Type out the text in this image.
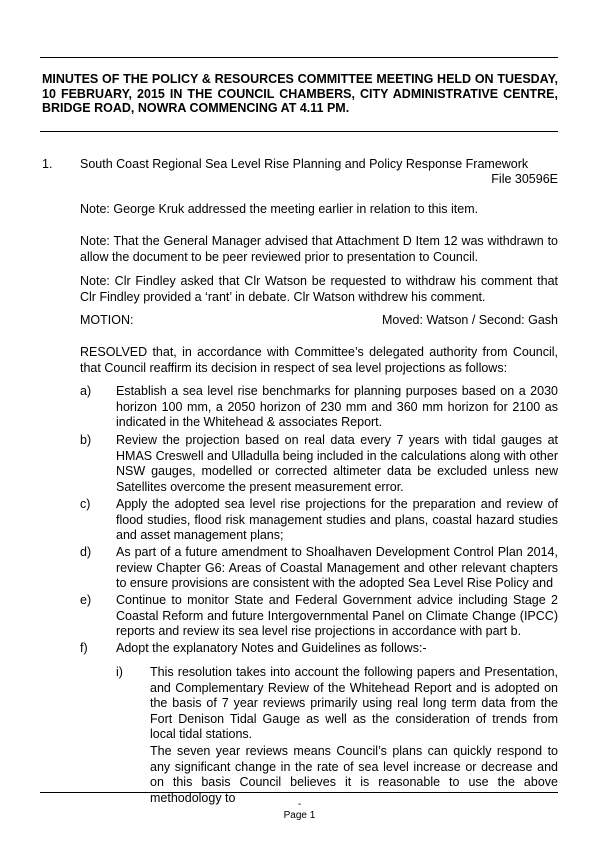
MINUTES OF THE POLICY & RESOURCES COMMITTEE MEETING HELD ON TUESDAY, 10 FEBRUARY, 2015 IN THE COUNCIL CHAMBERS, CITY ADMINISTRATIVE CENTRE, BRIDGE ROAD, NOWRA COMMENCING AT 4.11 PM.
1. South Coast Regional Sea Level Rise Planning and Policy Response Framework
File 30596E
Note: George Kruk addressed the meeting earlier in relation to this item.
Note: That the General Manager advised that Attachment D Item 12 was withdrawn to allow the document to be peer reviewed prior to presentation to Council.
Note: Clr Findley asked that Clr Watson be requested to withdraw his comment that Clr Findley provided a ‘rant’ in debate. Clr Watson withdrew his comment.
MOTION:	Moved: Watson / Second: Gash
RESOLVED that, in accordance with Committee’s delegated authority from Council, that Council reaffirm its decision in respect of sea level projections as follows:
a) Establish a sea level rise benchmarks for planning purposes based on a 2030 horizon 100 mm, a 2050 horizon of 230 mm and 360 mm horizon for 2100 as indicated in the Whitehead & associates Report.
b) Review the projection based on real data every 7 years with tidal gauges at HMAS Creswell and Ulladulla being included in the calculations along with other NSW gauges, modelled or corrected altimeter data be excluded unless new Satellites overcome the present measurement error.
c) Apply the adopted sea level rise projections for the preparation and review of flood studies, flood risk management studies and plans, coastal hazard studies and asset management plans;
d) As part of a future amendment to Shoalhaven Development Control Plan 2014, review Chapter G6: Areas of Coastal Management and other relevant chapters to ensure provisions are consistent with the adopted Sea Level Rise Policy and
e) Continue to monitor State and Federal Government advice including Stage 2 Coastal Reform and future Intergovernmental Panel on Climate Change (IPCC) reports and review its sea level rise projections in accordance with part b.
f) Adopt the explanatory Notes and Guidelines as follows:-
i) This resolution takes into account the following papers and Presentation, and Complementary Review of the Whitehead Report and is adopted on the basis of 7 year reviews primarily using real long term data from the Fort Denison Tidal Gauge as well as the consideration of trends from local tidal stations.
The seven year reviews means Council’s plans can quickly respond to any significant change in the rate of sea level increase or decrease and on this basis Council believes it is reasonable to use the above methodology to	-
Page 1
